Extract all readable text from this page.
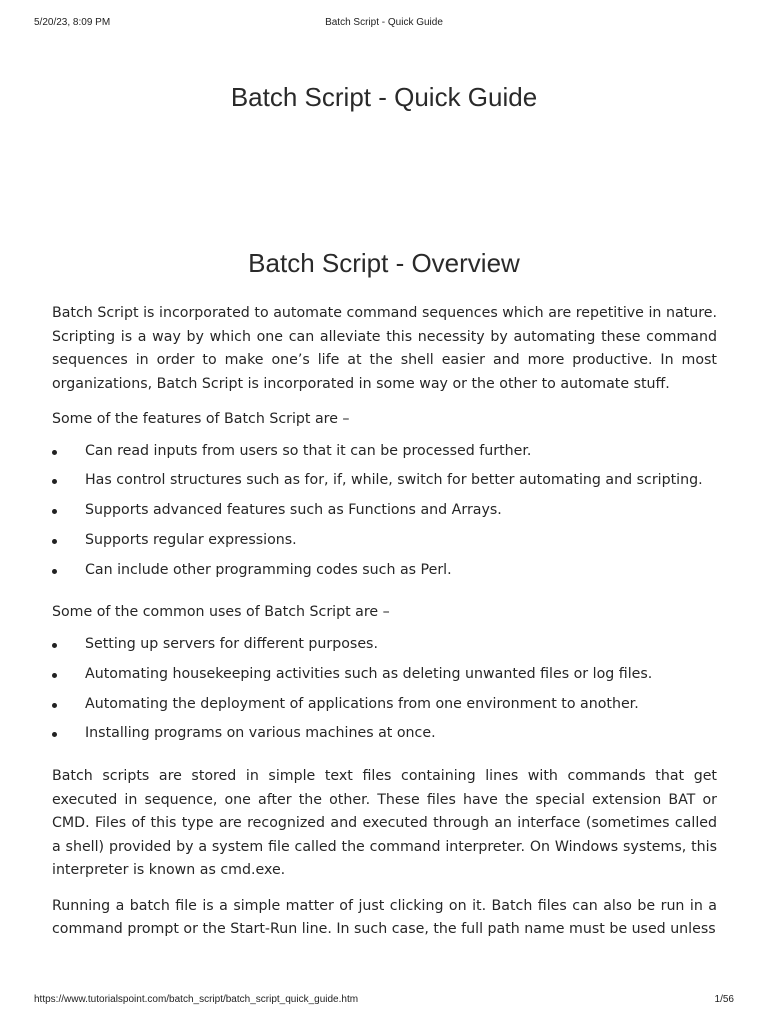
5/20/23, 8:09 PM	Batch Script - Quick Guide
Batch Script - Quick Guide
Batch Script - Overview

Batch Script is incorporated to automate command sequences which are repetitive in nature. Scripting is a way by which one can alleviate this necessity by automating these command sequences in order to make one’s life at the shell easier and more productive. In most organizations, Batch Script is incorporated in some way or the other to automate stuff.

Some of the features of Batch Script are –

Can read inputs from users so that it can be processed further.
Has control structures such as for, if, while, switch for better automating and scripting.
Supports advanced features such as Functions and Arrays.
Supports regular expressions.
Can include other programming codes such as Perl.

Some of the common uses of Batch Script are –

Setting up servers for different purposes.
Automating housekeeping activities such as deleting unwanted files or log files.
Automating the deployment of applications from one environment to another.
Installing programs on various machines at once.

Batch scripts are stored in simple text files containing lines with commands that get executed in sequence, one after the other. These files have the special extension BAT or CMD. Files of this type are recognized and executed through an interface (sometimes called a shell) provided by a system file called the command interpreter. On Windows systems, this interpreter is known as cmd.exe.

Running a batch file is a simple matter of just clicking on it. Batch files can also be run in a command prompt or the Start-Run line. In such case, the full path name must be used unless

https://www.tutorialspoint.com/batch_script/batch_script_quick_guide.htm	1/56
